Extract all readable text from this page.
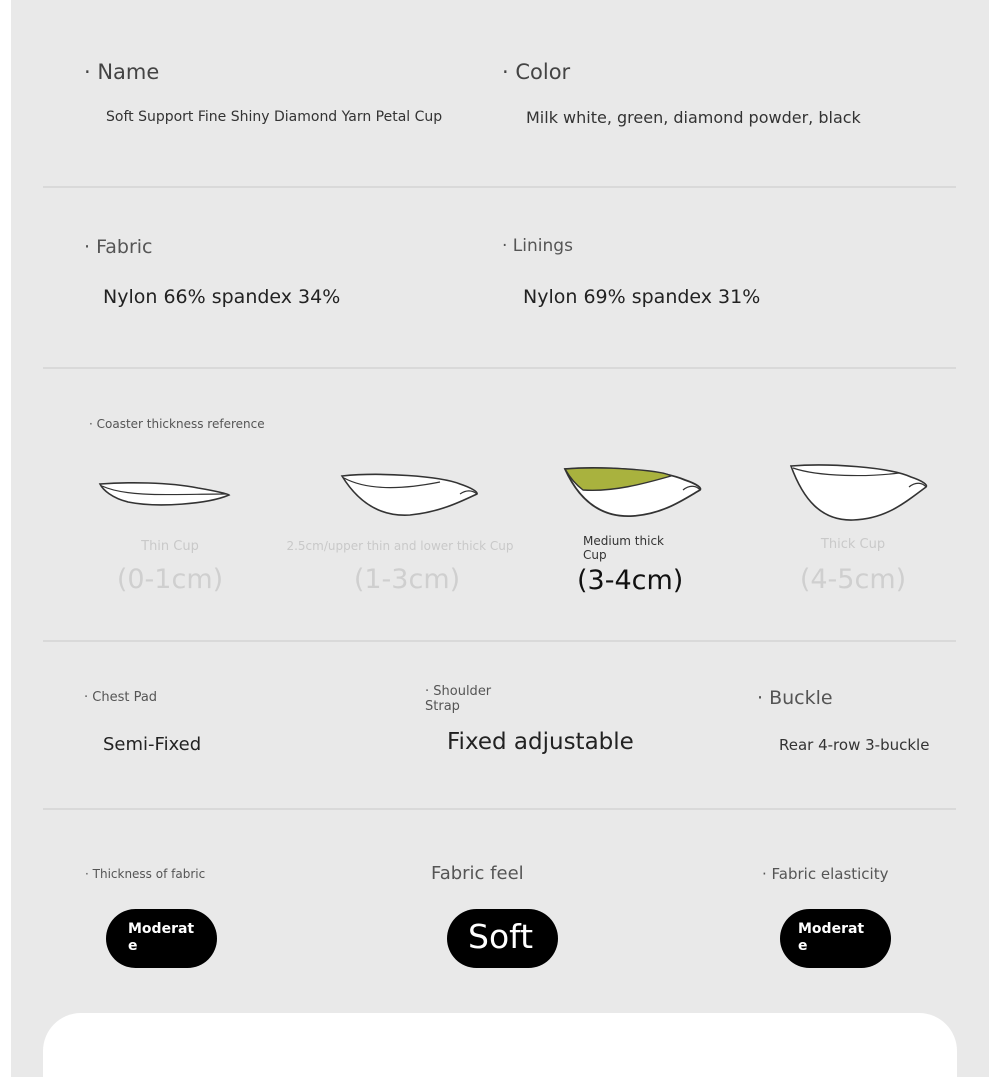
· Name
Soft Support Fine Shiny Diamond Yarn Petal Cup
· Color
Milk white, green, diamond powder, black
· Fabric
Nylon 66% spandex 34%
· Linings
Nylon 69% spandex 31%
· Coaster thickness reference
Thin Cup
(0-1cm)
2.5cm/upper thin and lower thick Cup
(1-3cm)
Medium thick Cup
(3-4cm)
Thick Cup
(4-5cm)
· Chest Pad
Semi-Fixed
· Shoulder Strap
Fixed adjustable
· Buckle
Rear 4-row 3-buckle
· Thickness of fabric
Moderate
Fabric feel
Soft
· Fabric elasticity
Moderate
